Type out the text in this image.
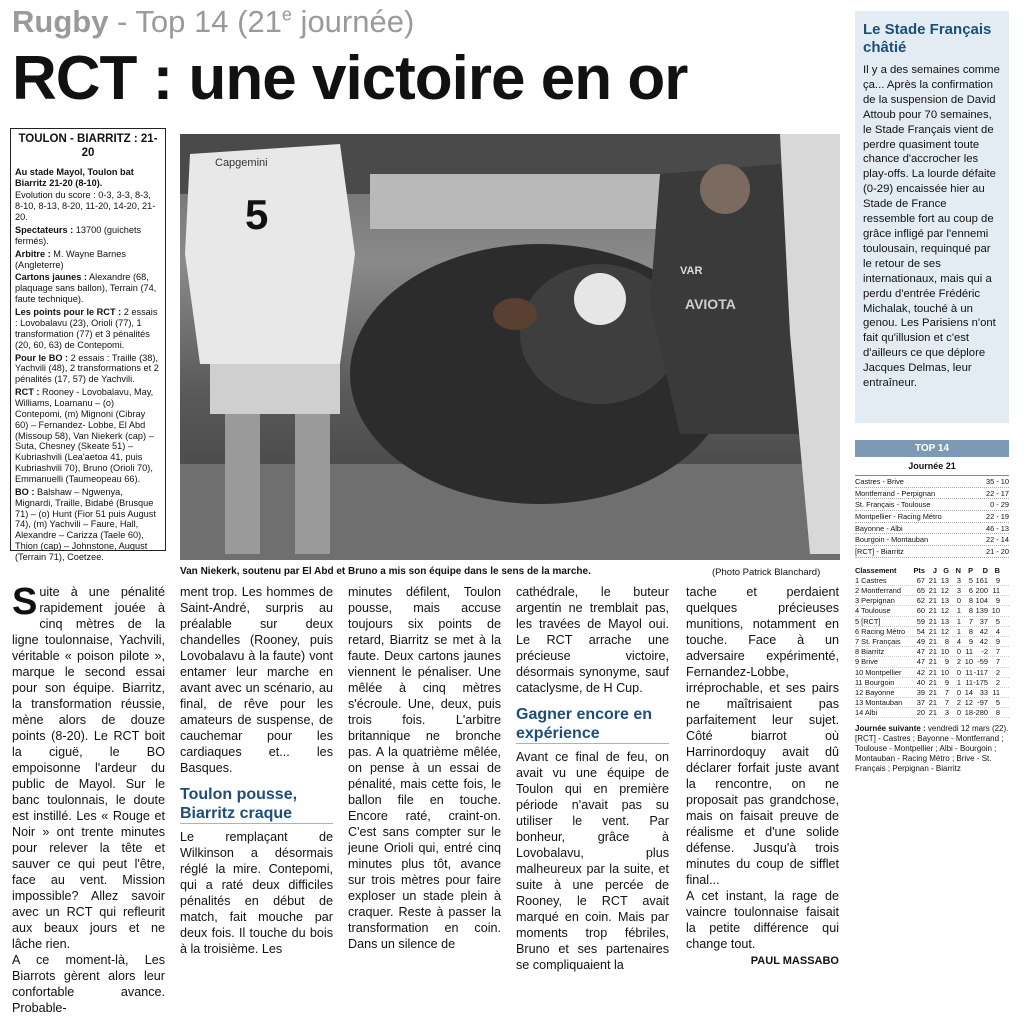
Rugby - Top 14 (21e journée)
RCT : une victoire en or
TOULON - BIARRITZ : 21-20

Au stade Mayol, Toulon bat Biarritz 21-20 (8-10).

Evolution du score : 0-3, 3-3, 8-3, 8-10, 8-13, 8-20, 11-20, 14-20, 21-20.

Spectateurs : 13700 (guichets fermés).

Arbitre : M. Wayne Barnes (Angleterre)

Cartons jaunes : Alexandre (68, plaquage sans ballon), Terrain (74, faute technique).

Les points pour le RCT : 2 essais : Lovobalavu (23), Orioli (77), 1 transformation (77) et 3 pénalités (20, 60, 63) de Contepomi.

Pour le BO : 2 essais : Traille (38), Yachvili (48), 2 transformations et 2 pénalités (17, 57) de Yachvili.

RCT : Rooney - Lovobalavu, May, Williams, Loamanu – (o) Contepomi, (m) Mignoni (Cibray 60) – Fernandez- Lobbe, El Abd (Missoup 58), Van Niekerk (cap) – Suta, Chesney (Skeate 51) – Kubriashvili (Lea'aetoa 41, puis Kubriashvili 70), Bruno (Orioli 70), Emmanuelli (Taumeopeau 66).

BO : Balshaw – Ngwenya, Mignardi, Traille, Bidabé (Brusque 71) – (o) Hunt (Fior 51 puis August 74), (m) Yachvili – Faure, Hall, Alexandre – Carizza (Taele 60), Thion (cap) – Johnstone, August (Terrain 71), Coetzee.

5
Capgemini
VAR
AVIOTA
Van Niekerk, soutenu par El Abd et Bruno a mis son équipe dans le sens de la marche.	(Photo Patrick Blanchard)

Suite à une pénalité rapidement jouée à cinq mètres de la ligne toulonnaise, Yachvili, véritable « poison pilote », marque le second essai pour son équipe. Biarritz, la transformation réussie, mène alors de douze points (8-20). Le RCT boit la ciguë, le BO empoisonne l'ardeur du public de Mayol. Sur le banc toulonnais, le doute est instillé. Les « Rouge et Noir » ont trente minutes pour relever la tête et sauver ce qui peut l'être, face au vent. Mission impossible? Allez savoir avec un RCT qui refleurit aux beaux jours et ne lâche rien.

A ce moment-là, Les Biarrots gèrent alors leur confortable avance. Probable-

ment trop. Les hommes de Saint-André, surpris au préalable sur deux chandelles (Rooney, puis Lovobalavu à la faute) vont entamer leur marche en avant avec un scénario, au final, de rêve pour les amateurs de suspense, de cauchemar pour les cardiaques et... les Basques.

Toulon pousse, Biarritz craque

Le remplaçant de Wilkinson a désormais réglé la mire. Contepomi, qui a raté deux difficiles pénalités en début de match, fait mouche par deux fois. Il touche du bois à la troisième. Les

minutes défilent, Toulon pousse, mais accuse toujours six points de retard, Biarritz se met à la faute. Deux cartons jaunes viennent le pénaliser. Une mêlée à cinq mètres s'écroule. Une, deux, puis trois fois. L'arbitre britannique ne bronche pas. A la quatrième mêlée, on pense à un essai de pénalité, mais cette fois, le ballon file en touche. Encore raté, craint-on. C'est sans compter sur le jeune Orioli qui, entré cinq minutes plus tôt, avance sur trois mètres pour faire exploser un stade plein à craquer. Reste à passer la transformation en coin. Dans un silence de

cathédrale, le buteur argentin ne tremblait pas, les travées de Mayol oui. Le RCT arrache une précieuse victoire, désormais synonyme, sauf cataclysme, de H Cup.

Gagner encore en expérience

Avant ce final de feu, on avait vu une équipe de Toulon qui en première période n'avait pas su utiliser le vent. Par bonheur, grâce à Lovobalavu, plus malheureux par la suite, et suite à une percée de Rooney, le RCT avait marqué en coin. Mais par moments trop fébriles, Bruno et ses partenaires se compliquaient la

tache et perdaient quelques précieuses munitions, notamment en touche. Face à un adversaire expérimenté, Fernandez-Lobbe, irréprochable, et ses pairs ne maîtrisaient pas parfaitement leur sujet. Côté biarrot où Harrinordoquy avait dû déclarer forfait juste avant la rencontre, on ne proposait pas grandchose, mais on faisait preuve de réalisme et d'une solide défense. Jusqu'à trois minutes du coup de sifflet final...

A cet instant, la rage de vaincre toulonnaise faisait la petite différence qui change tout.

PAUL MASSABO
Le Stade Français châtié

Il y a des semaines comme ça... Après la confirmation de la suspension de David Attoub pour 70 semaines, le Stade Français vient de perdre quasiment toute chance d'accrocher les play-offs. La lourde défaite (0-29) encaissée hier au Stade de France ressemble fort au coup de grâce infligé par l'ennemi toulousain, requinqué par le retour de ses internationaux, mais qui a perdu d'entrée Frédéric Michalak, touché à un genou. Les Parisiens n'ont fait qu'illusion et c'est d'ailleurs ce que déplore Jacques Delmas, leur entraîneur.

TOP 14
Journée 21
Castres - Brive	35 - 10
Montferrand - Perpignan	22 - 17
St. Français - Toulouse	0 - 29
Montpellier - Racing Métro	22 - 19
Bayonne - Albi	46 - 13
Bourgoin - Montauban	22 - 14
[RCT] - Biarritz	21 - 20
Classement	Pts	J G N P	D B
1 Castres	67 21 13	3	5 161	9
2 Montferrand	65 21 12	3	6 200 11
3 Perpignan	62 21 13	0	8 104	9
4 Toulouse	60 21 12	1	8 139 10
5 [RCT]	59 21 13	1	7 37	5
6 Racing Métro	54 21 12	1	8 42	4
7 St. Français	49 21	8	4	9 42	9
8 Biarritz	47 21 10	0 11	-2	7
9 Brive	47 21	9	2 10 -59	7
10 Montpellier	42 21 10	0 11 -117	2
11 Bourgoin	40 21	9	1 11 -175	2
12 Bayonne	39 21	7	0 14 33 11
13 Montauban	37 21	7	2 12 -97	5
14 Albi	20 21	3	0 18 -280	8
Journée suivante : vendredi 12 mars (22). [RCT] - Castres ; Bayonne - Montferrand ; Toulouse - Montpellier ; Albi - Bourgoin ; Montauban - Racing Métro ; Brive - St. Français ; Perpignan - Biarritz
